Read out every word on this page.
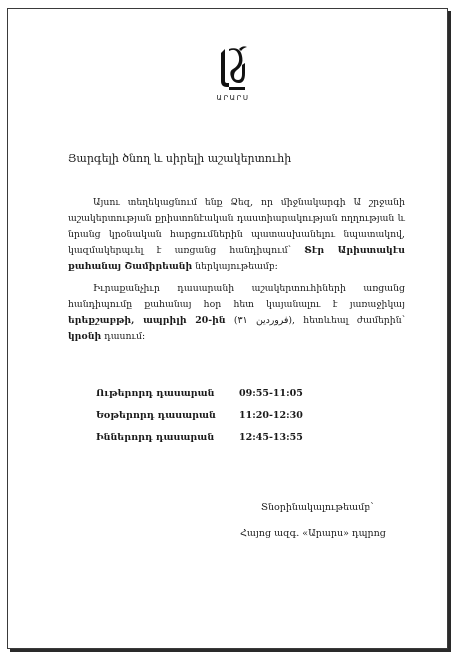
ԱՐԱՐՍ
Յարգելի ծնող և սիրելի աշակերտուհի
Այսու տեղեկացնում ենք Ձեզ, որ միջնակարգի Ա շրջանի աշակերտության քրիստոնէական դաստիարակության ողղության և նրանց կրօնական հարցումներին պատասխանելու նպատակով, կազմակերպւել է առցանց հանդիպում՝ Տէր Արիստակէս քահանայ Շամիրեանի ներկայութեամբ։
Իւրաքանչիւր դասարանի աշակերտուհիների առցանց հանդիպումը քահանայ հօր հետ կայանալու է յառաջիկայ երեքշաբթի, ապրիլի 20-ին (۳۱ فروردین), հետևեալ ժամերին՝ կրօնի դասում։
Ութերորդ դասարան	09:55-11:05
Եօթերորդ դասարան	11:20-12:30
Իններորդ դասարան	12:45-13:55
Տնօրինակալութեամբ՝
Հայոց ազգ. «Արարս» դպրոց
